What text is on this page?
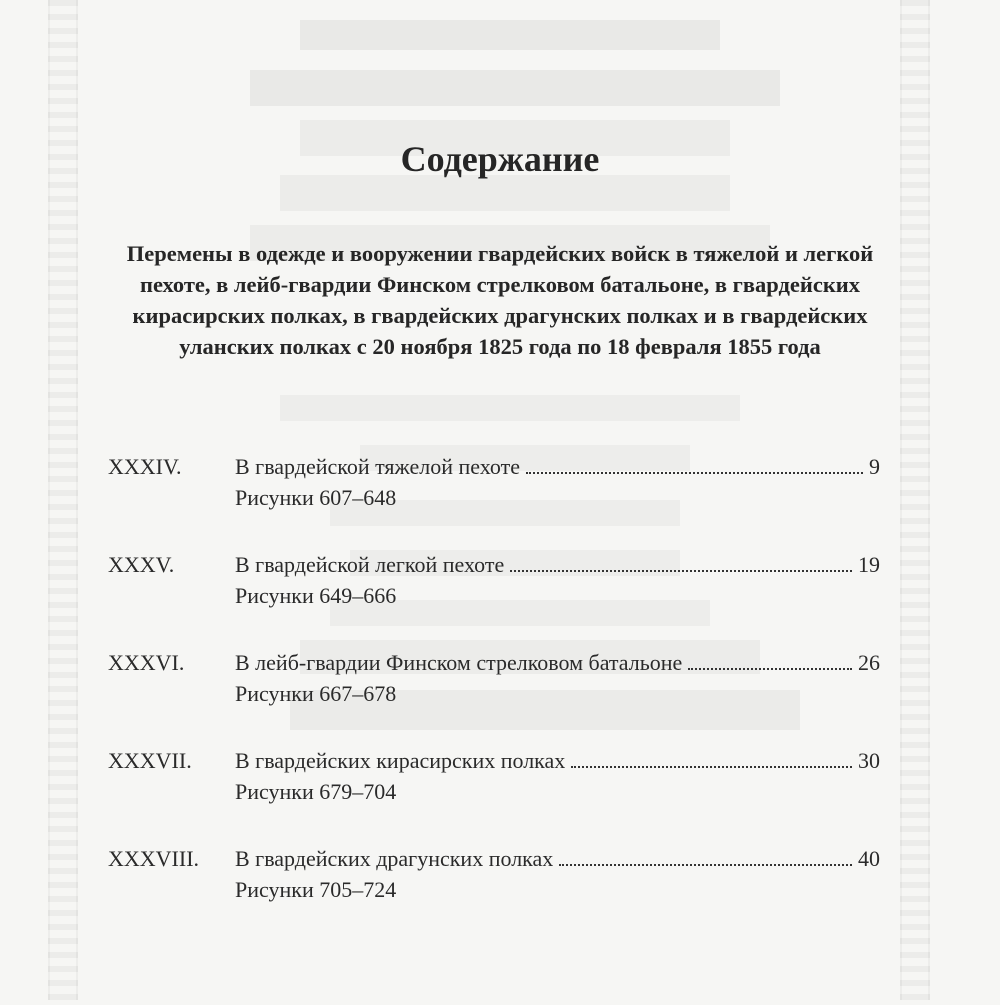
Содержание
Перемены в одежде и вооружении гвардейских войск в тяжелой и легкой пехоте, в лейб-гвардии Финском стрелковом батальоне, в гвардейских кирасирских полках, в гвардейских драгунских полках и в гвардейских уланских полках с 20 ноября 1825 года по 18 февраля 1855 года
XXXIV.	В гвардейской тяжелой пехоте	9
Рисунки 607–648
XXXV.	В гвардейской легкой пехоте	19
Рисунки 649–666
XXXVI.	В лейб-гвардии Финском стрелковом батальоне	26
Рисунки 667–678
XXXVII.	В гвардейских кирасирских полках	30
Рисунки 679–704
XXXVIII.	В гвардейских драгунских полках	40
Рисунки 705–724
